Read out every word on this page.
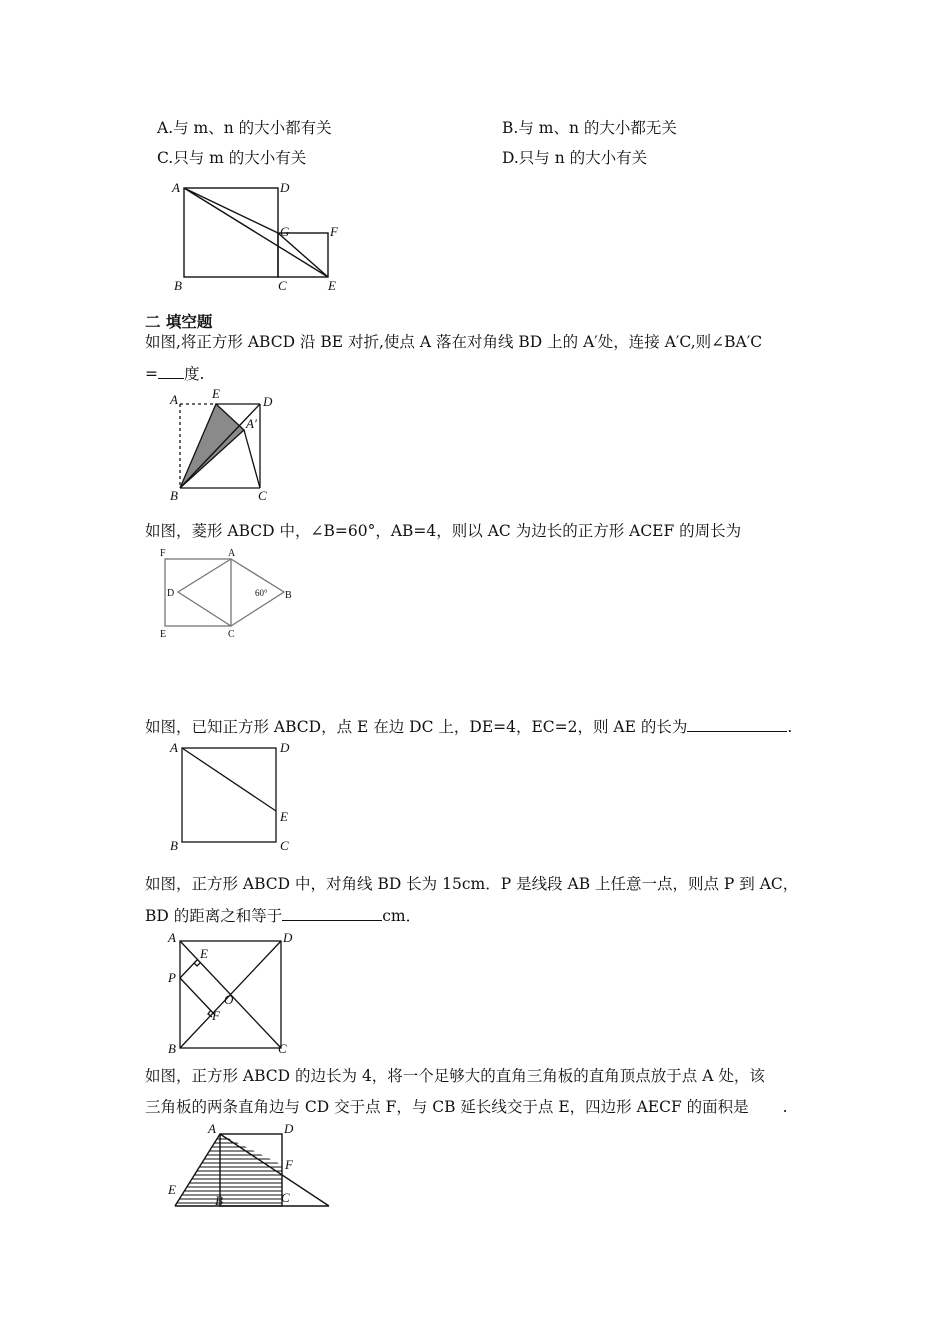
A.与 m、n 的大小都有关	B.与 m、n 的大小都无关
C.只与 m 的大小有关	D.只与 n 的大小有关
A	D
G	F
B	C	E
二 填空题
如图,将正方形 ABCD 沿 BE 对折,使点 A 落在对角线 BD 上的 A′处，连接 A′C,则∠BA′C
= 度.
A	E
D
A′
B	C
如图，菱形 ABCD 中，∠B=60°，AB=4，则以 AC 为边长的正方形 ACEF 的周长为
F	A
D	60° B
E	C
如图，已知正方形 ABCD，点 E 在边 DC 上，DE=4，EC=2，则 AE 的长为	.
A	D
E
B	C
如图，正方形 ABCD 中，对角线 BD 长为 15cm．P 是线段 AB 上任意一点，则点 P 到 AC，
BD 的距离之和等于	cm．
A	D
E
P
O
F
B	C
如图，正方形 ABCD 的边长为 4，将一个足够大的直角三角板的直角顶点放于点 A 处，该
三角板的两条直角边与 CD 交于点 F，与 CB 延长线交于点 E，四边形 AECF 的面积是 .
A	D
F
E
B	C
